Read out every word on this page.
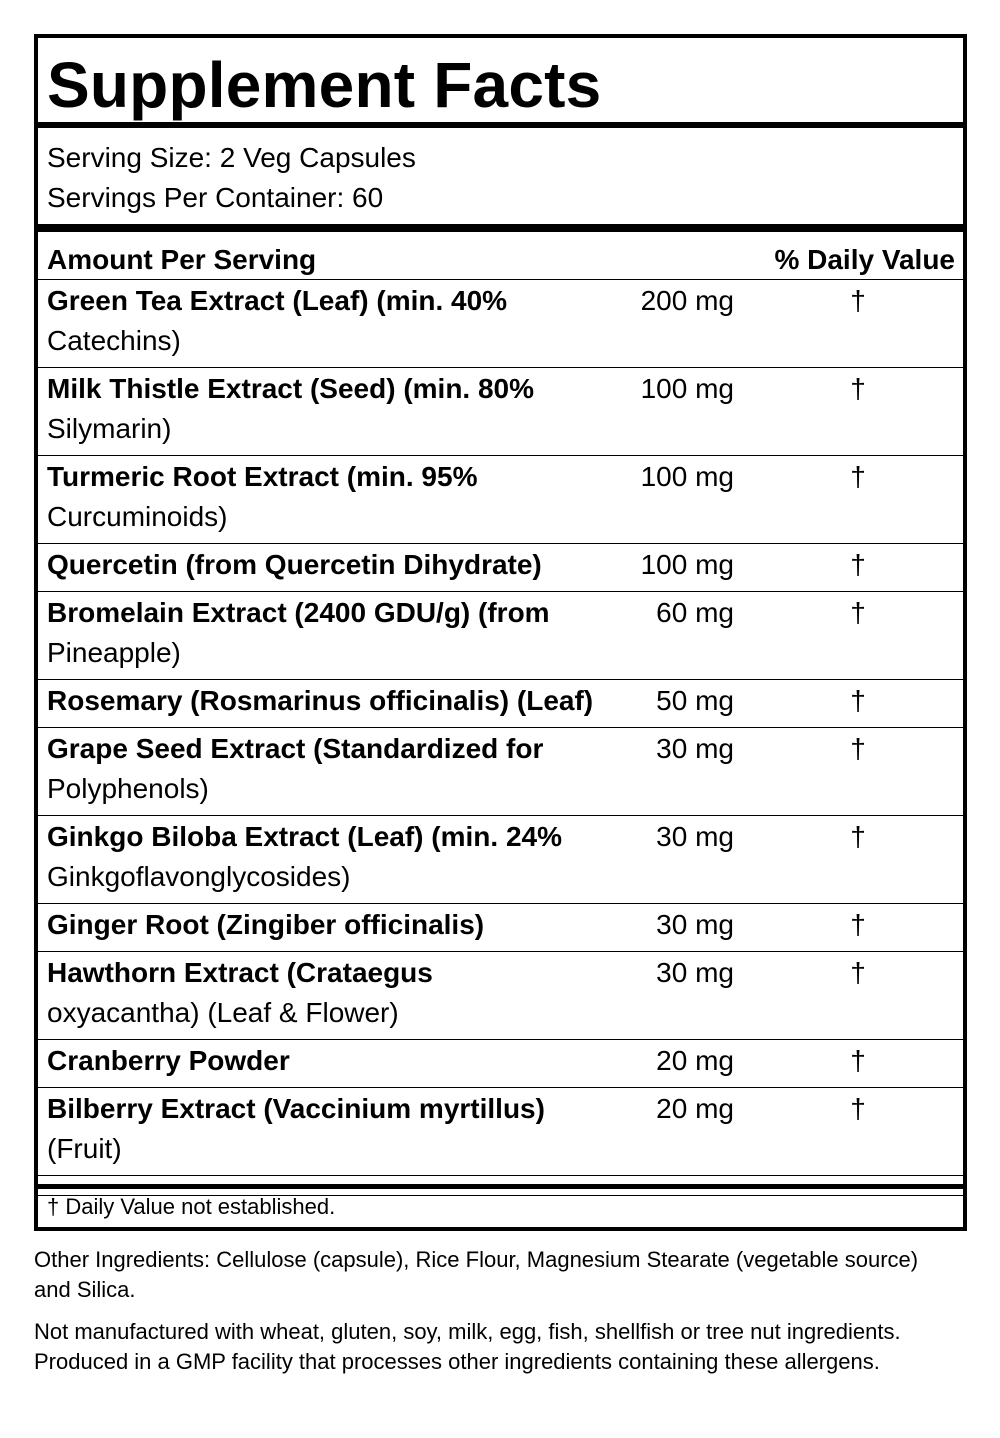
Supplement Facts
Serving Size: 2 Veg Capsules
Servings Per Container: 60
Amount Per Serving	% Daily Value
Green Tea Extract (Leaf) (min. 40%
Catechins)
200 mg	†
Milk Thistle Extract (Seed) (min. 80%
Silymarin)
100 mg	†
Turmeric Root Extract (min. 95%
Curcuminoids)
100 mg	†
Quercetin (from Quercetin Dihydrate)	100 mg	†
Bromelain Extract (2400 GDU/g) (from
Pineapple)
60 mg	†
Rosemary (Rosmarinus officinalis) (Leaf)	50 mg	†
Grape Seed Extract (Standardized for
Polyphenols)
30 mg	†
Ginkgo Biloba Extract (Leaf) (min. 24%
Ginkgoflavonglycosides)
30 mg	†
Ginger Root (Zingiber officinalis)	30 mg	†
Hawthorn Extract (Crataegus
oxyacantha) (Leaf & Flower)
30 mg	†
Cranberry Powder	20 mg	†
Bilberry Extract (Vaccinium myrtillus)
(Fruit)
20 mg	†
† Daily Value not established.

Other Ingredients: Cellulose (capsule), Rice Flour, Magnesium Stearate (vegetable source) and Silica.

Not manufactured with wheat, gluten, soy, milk, egg, fish, shellfish or tree nut ingredients. Produced in a GMP facility that processes other ingredients containing these allergens.
